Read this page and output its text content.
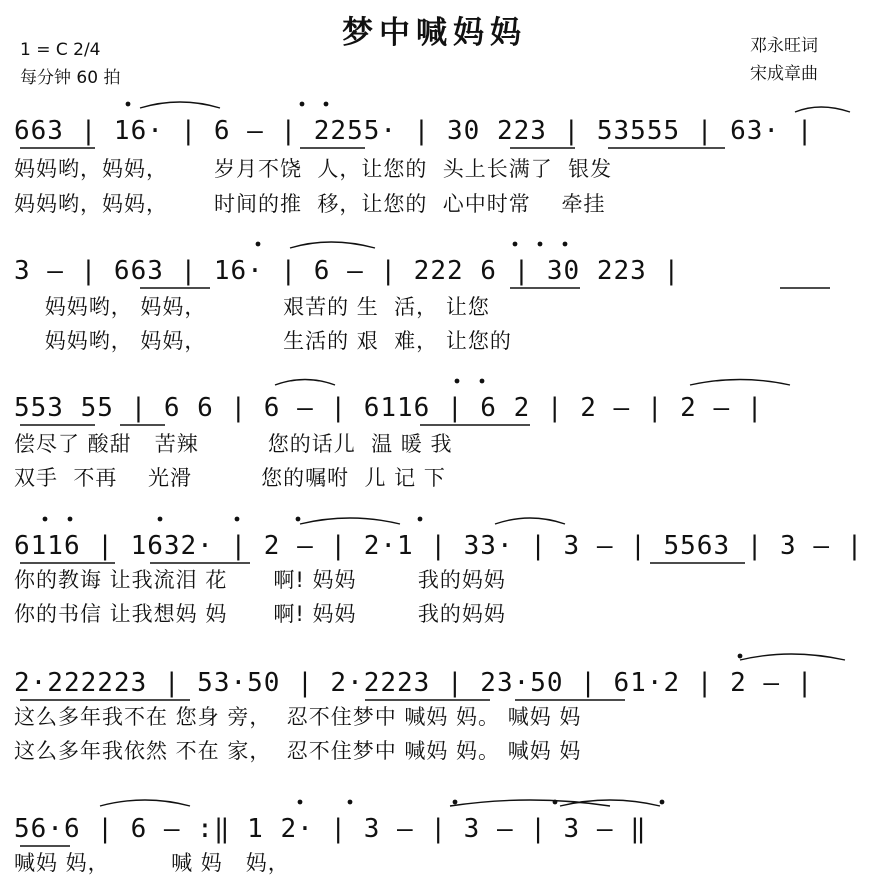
梦中喊妈妈
1 = C 2/4
每分钟 60 拍
邓永旺词
宋成章曲
663 | 16· | 6 — | 2255· | 30 223 | 53555 | 63· |
妈妈哟，妈妈，      岁月不饶  人，让您的  头上长满了  银发
妈妈哟，妈妈，      时间的推  移，让您的  心中时常    牵挂
3 — | 663 | 16· | 6 — | 222 6 | 30 223 |
妈妈哟， 妈妈，          艰苦的 生  活， 让您
妈妈哟， 妈妈，          生活的 艰  难， 让您的
553 55 | 6 6 | 6 — | 6116 | 6 2 | 2 — | 2 — |
偿尽了 酸甜   苦辣         您的话儿  温 暖 我
双手  不再    光滑         您的嘱咐  儿 记 下
6116 | 1632· | 2 — | 2·1 | 33· | 3 — | 5563 | 3 — |
你的教诲 让我流泪 花      啊! 妈妈        我的妈妈
你的书信 让我想妈 妈      啊! 妈妈        我的妈妈
2·222223 | 53·50 | 2·2223 | 23·50 | 61·2 | 2 — |
这么多年我不在 您身 旁，  忍不住梦中 喊妈 妈。 喊妈 妈
这么多年我依然 不在 家，  忍不住梦中 喊妈 妈。 喊妈 妈
56·6 | 6 — :‖ 1 2· | 3 — | 3 — | 3 — ‖
喊妈 妈，        喊 妈   妈，
